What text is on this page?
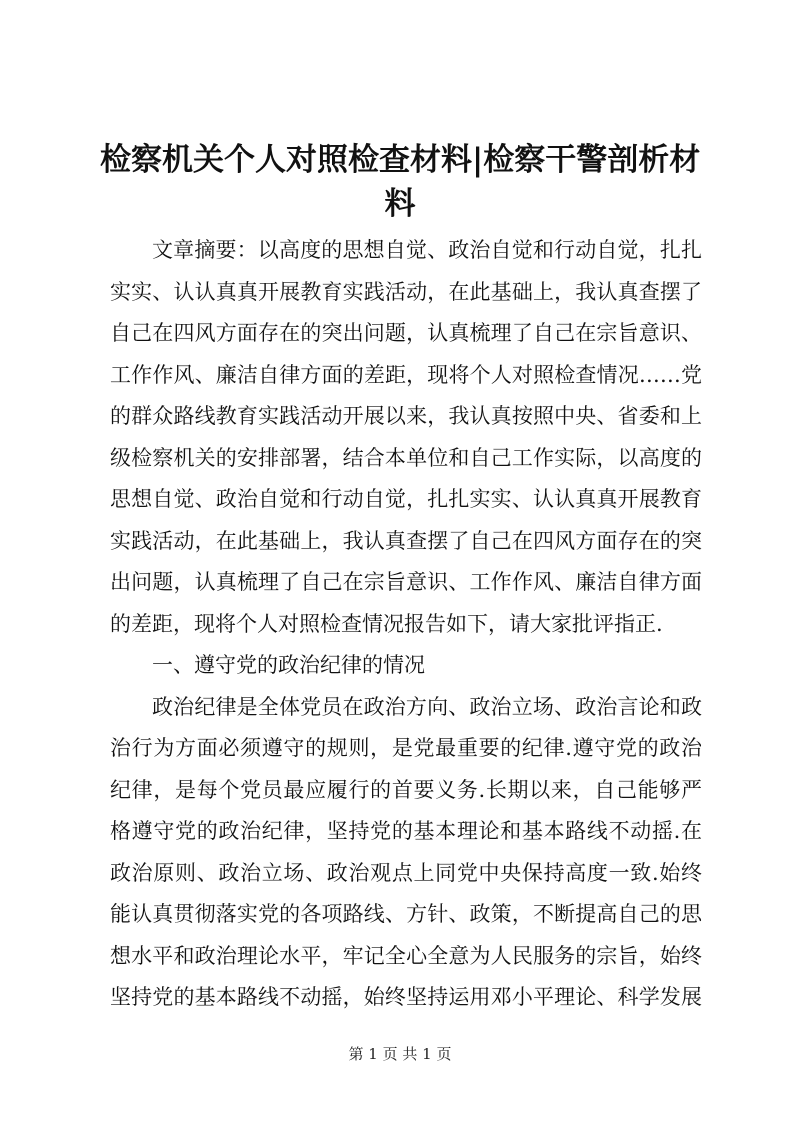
检察机关个人对照检查材料|检察干警剖析材
料
文章摘要：以高度的思想自觉、政治自觉和行动自觉，扎扎
实实、认认真真开展教育实践活动，在此基础上，我认真查摆了
自己在四风方面存在的突出问题，认真梳理了自己在宗旨意识、
工作作风、廉洁自律方面的差距，现将个人对照检查情况……党
的群众路线教育实践活动开展以来，我认真按照中央、省委和上
级检察机关的安排部署，结合本单位和自己工作实际，以高度的
思想自觉、政治自觉和行动自觉，扎扎实实、认认真真开展教育
实践活动，在此基础上，我认真查摆了自己在四风方面存在的突
出问题，认真梳理了自己在宗旨意识、工作作风、廉洁自律方面
的差距，现将个人对照检查情况报告如下，请大家批评指正.
一、遵守党的政治纪律的情况
政治纪律是全体党员在政治方向、政治立场、政治言论和政
治行为方面必须遵守的规则，是党最重要的纪律.遵守党的政治
纪律，是每个党员最应履行的首要义务.长期以来，自己能够严
格遵守党的政治纪律，坚持党的基本理论和基本路线不动摇.在
政治原则、政治立场、政治观点上同党中央保持高度一致.始终
能认真贯彻落实党的各项路线、方针、政策，不断提高自己的思
想水平和政治理论水平，牢记全心全意为人民服务的宗旨，始终
坚持党的基本路线不动摇，始终坚持运用邓小平理论、科学发展
第 1 页 共 1 页
